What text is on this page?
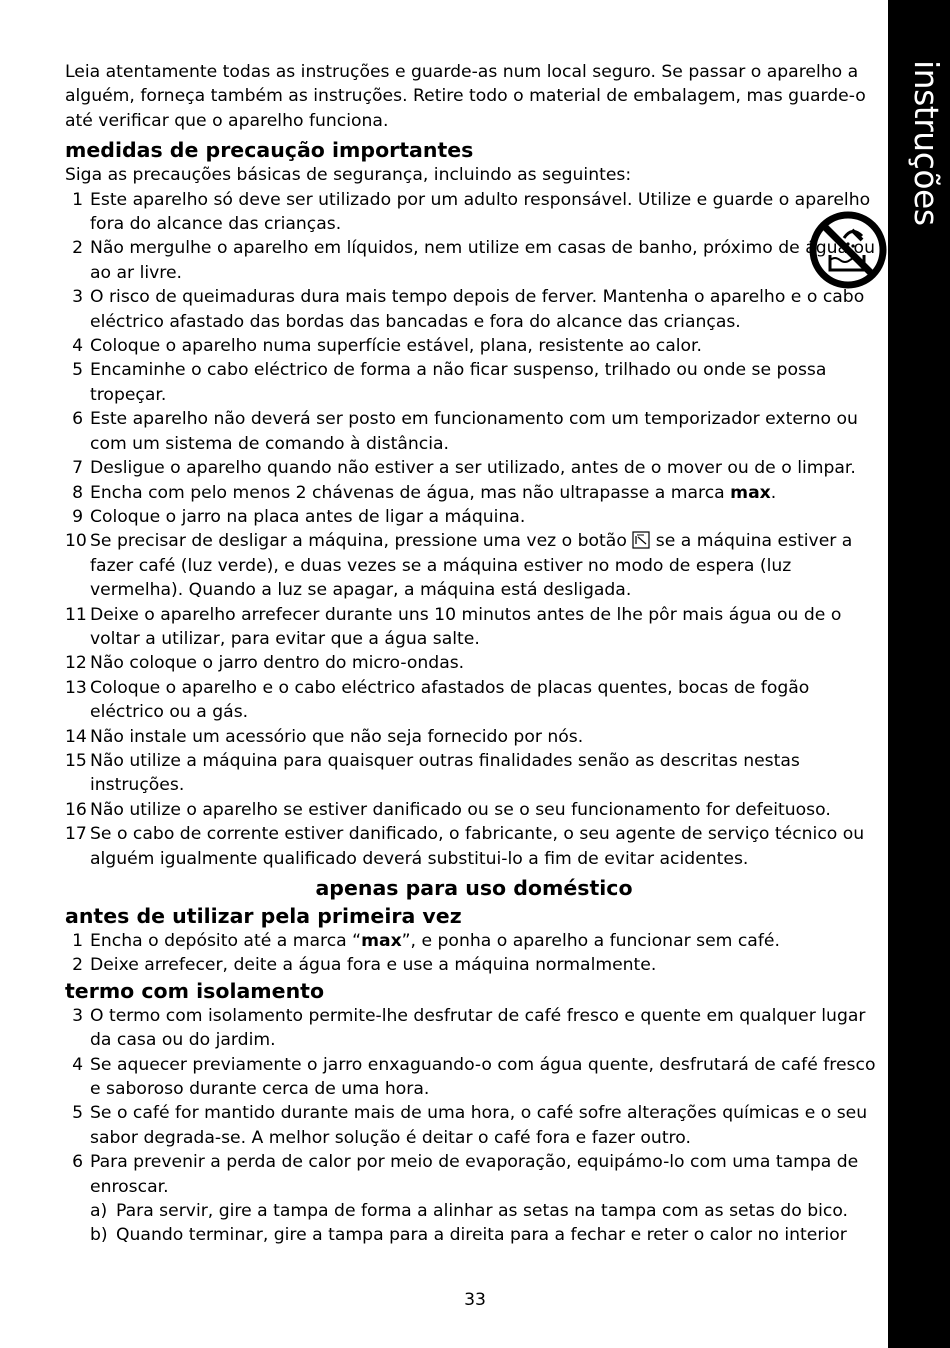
instruções

Leia atentamente todas as instruções e guarde-as num local seguro. Se passar o aparelho a alguém, forneça também as instruções. Retire todo o material de embalagem, mas guarde-o até verificar que o aparelho funciona.

medidas de precaução importantes

Siga as precauções básicas de segurança, incluindo as seguintes:

1 Este aparelho só deve ser utilizado por um adulto responsável. Utilize e guarde o aparelho fora do alcance das crianças.
2 Não mergulhe o aparelho em líquidos, nem utilize em casas de banho, próximo de água ou ao ar livre.
3 O risco de queimaduras dura mais tempo depois de ferver. Mantenha o aparelho e o cabo eléctrico afastado das bordas das bancadas e fora do alcance das crianças.
4 Coloque o aparelho numa superfície estável, plana, resistente ao calor.
5 Encaminhe o cabo eléctrico de forma a não ficar suspenso, trilhado ou onde se possa tropeçar.
6 Este aparelho não deverá ser posto em funcionamento com um temporizador externo ou com um sistema de comando à distância.
7 Desligue o aparelho quando não estiver a ser utilizado, antes de o mover ou de o limpar.
8 Encha com pelo menos 2 chávenas de água, mas não ultrapasse a marca max.
9 Coloque o jarro na placa antes de ligar a máquina.
10 Se precisar de desligar a máquina, pressione uma vez o botão  se a máquina estiver a fazer café (luz verde), e duas vezes se a máquina estiver no modo de espera (luz vermelha). Quando a luz se apagar, a máquina está desligada.
11 Deixe o aparelho arrefecer durante uns 10 minutos antes de lhe pôr mais água ou de o voltar a utilizar, para evitar que a água salte.
12 Não coloque o jarro dentro do micro-ondas.
13 Coloque o aparelho e o cabo eléctrico afastados de placas quentes, bocas de fogão eléctrico ou a gás.
14 Não instale um acessório que não seja fornecido por nós.
15 Não utilize a máquina para quaisquer outras finalidades senão as descritas nestas instruções.
16 Não utilize o aparelho se estiver danificado ou se o seu funcionamento for defeituoso.
17 Se o cabo de corrente estiver danificado, o fabricante, o seu agente de serviço técnico ou alguém igualmente qualificado deverá substitui-lo a fim de evitar acidentes.
apenas para uso doméstico
antes de utilizar pela primeira vez
1 Encha o depósito até a marca “max”, e ponha o aparelho a funcionar sem café.
2 Deixe arrefecer, deite a água fora e use a máquina normalmente.
termo com isolamento
3 O termo com isolamento permite-lhe desfrutar de café fresco e quente em qualquer lugar da casa ou do jardim.
4 Se aquecer previamente o jarro enxaguando-o com água quente, desfrutará de café fresco e saboroso durante cerca de uma hora.
5 Se o café for mantido durante mais de uma hora, o café sofre alterações químicas e o seu sabor degrada-se. A melhor solução é deitar o café fora e fazer outro.
6 Para prevenir a perda de calor por meio de evaporação, equipámo-lo com uma tampa de enroscar.
a) Para servir, gire a tampa de forma a alinhar as setas na tampa com as setas do bico.
b) Quando terminar, gire a tampa para a direita para a fechar e reter o calor no interior
33
